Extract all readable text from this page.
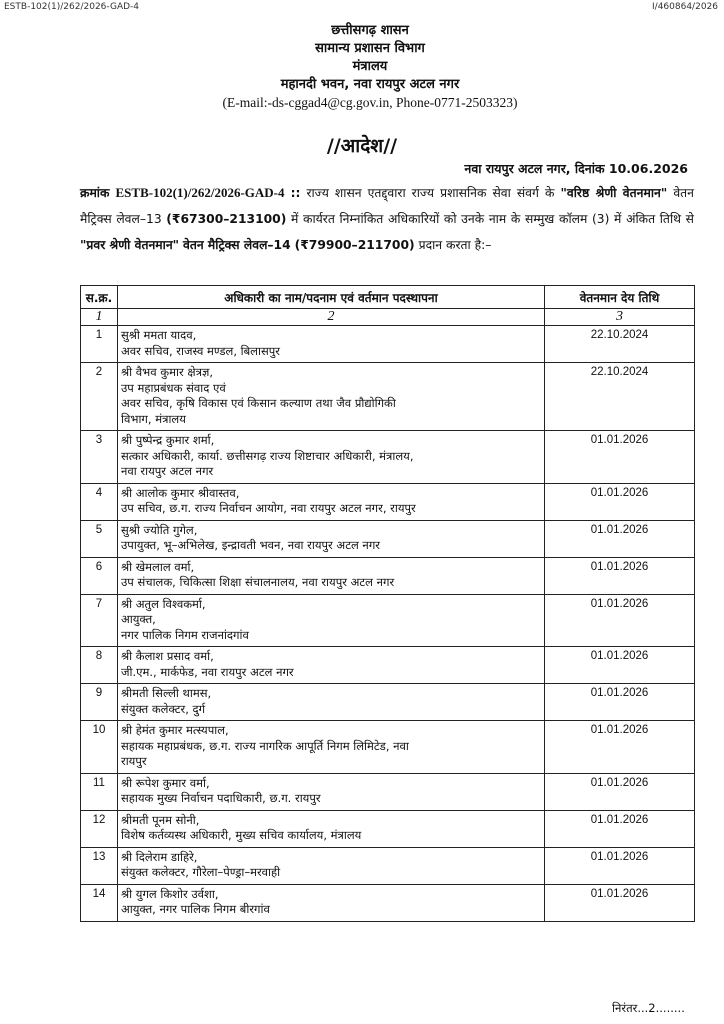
ESTB-102(1)/262/2026-GAD-4	I/460864/2026
छत्तीसगढ़ शासन
सामान्य प्रशासन विभाग
मंत्रालय
महानदी भवन, नवा रायपुर अटल नगर
(E-mail:-ds-cggad4@cg.gov.in, Phone-0771-2503323)
//आदेश//
नवा रायपुर अटल नगर, दिनांक 10.06.2026
क्रमांक ESTB-102(1)/262/2026-GAD-4 :: राज्य शासन एतद्द्वारा राज्य प्रशासनिक सेवा संवर्ग के "वरिष्ठ श्रेणी वेतनमान" वेतन मैट्रिक्स लेवल–13 (₹67300–213100) में कार्यरत निम्नांकित अधिकारियों को उनके नाम के सम्मुख कॉलम (3) में अंकित तिथि से "प्रवर श्रेणी वेतनमान" वेतन मैट्रिक्स लेवल–14 (₹79900–211700) प्रदान करता है:–
स.क्र.	अधिकारी का नाम/पदनाम एवं वर्तमान पदस्थापना	वेतनमान देय तिथि
1	2	3
1	सुश्री ममता यादव,
अवर सचिव, राजस्व मण्डल, बिलासपुर	22.10.2024
2	श्री वैभव कुमार क्षेत्रज्ञ,
उप महाप्रबंधक संवाद एवं
अवर सचिव, कृषि विकास एवं किसान कल्याण तथा जैव प्रौद्योगिकी
विभाग, मंत्रालय	22.10.2024
3	श्री पुष्पेन्द्र कुमार शर्मा,
सत्कार अधिकारी, कार्या. छत्तीसगढ़ राज्य शिष्टाचार अधिकारी, मंत्रालय,
नवा रायपुर अटल नगर	01.01.2026
4	श्री आलोक कुमार श्रीवास्तव,
उप सचिव, छ.ग. राज्य निर्वाचन आयोग, नवा रायपुर अटल नगर, रायपुर	01.01.2026
5	सुश्री ज्योति गुगेल,
उपायुक्त, भू–अभिलेख, इन्द्रावती भवन, नवा रायपुर अटल नगर	01.01.2026
6	श्री खेमलाल वर्मा,
उप संचालक, चिकित्सा शिक्षा संचालनालय, नवा रायपुर अटल नगर	01.01.2026
7	श्री अतुल विश्वकर्मा,
आयुक्त,
नगर पालिक निगम राजनांदगांव	01.01.2026
8	श्री कैलाश प्रसाद वर्मा,
जी.एम., मार्कफेड, नवा रायपुर अटल नगर	01.01.2026
9	श्रीमती सिल्ली थामस,
संयुक्त कलेक्टर, दुर्ग	01.01.2026
10	श्री हेमंत कुमार मत्स्यपाल,
सहायक महाप्रबंधक, छ.ग. राज्य नागरिक आपूर्ति निगम लिमिटेड, नवा
रायपुर	01.01.2026
11	श्री रूपेश कुमार वर्मा,
सहायक मुख्य निर्वाचन पदाधिकारी, छ.ग. रायपुर	01.01.2026
12	श्रीमती पूनम सोनी,
विशेष कर्तव्यस्थ अधिकारी, मुख्य सचिव कार्यालय, मंत्रालय	01.01.2026
13	श्री दिलेराम डाहिरे,
संयुक्त कलेक्टर, गौरेला–पेण्ड्रा–मरवाही	01.01.2026
14	श्री युगल किशोर उर्वशा,
आयुक्त, नगर पालिक निगम बीरगांव	01.01.2026
निरंतर...2........
